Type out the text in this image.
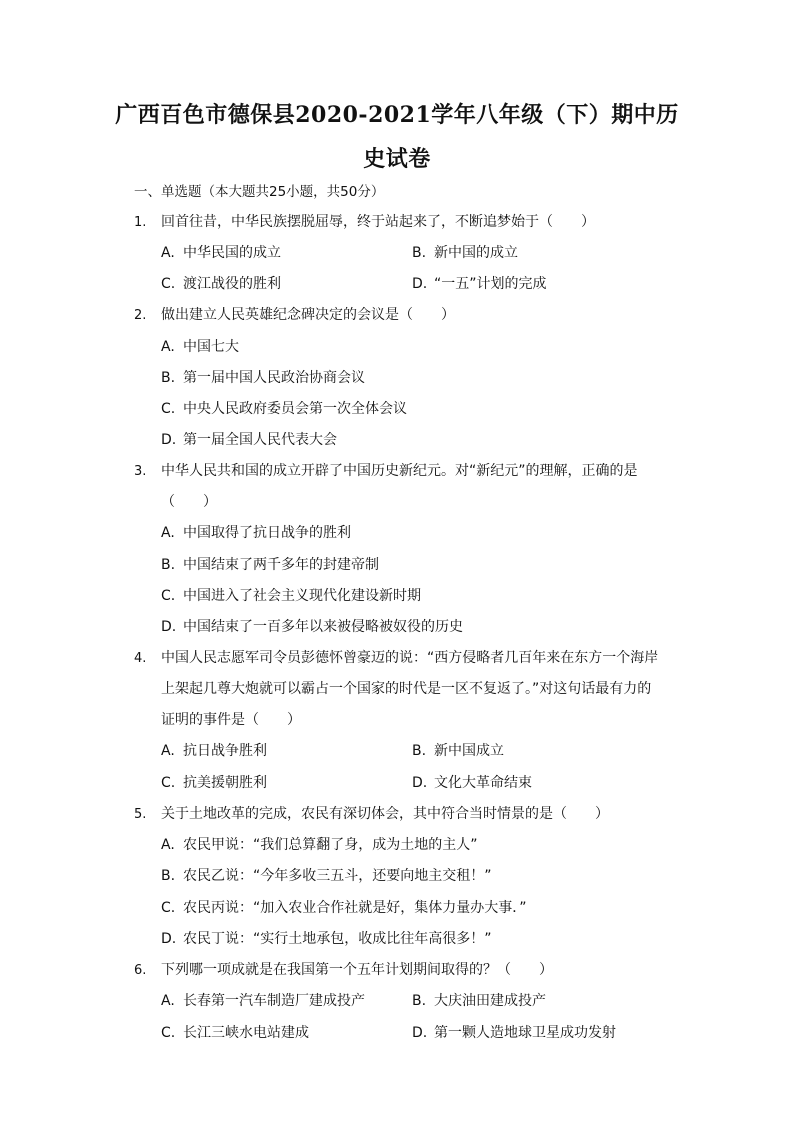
广西百色市德保县2020-2021学年八年级（下）期中历
史试卷
一、单选题（本大题共25小题，共50分）
1. 回首往昔，中华民族摆脱屈辱，终于站起来了，不断追梦始于（　　）
A. 中华民国的成立	B. 新中国的成立
C. 渡江战役的胜利	D. “一五”计划的完成
2. 做出建立人民英雄纪念碑决定的会议是（　　）
A. 中国七大
B. 第一届中国人民政治协商会议
C. 中央人民政府委员会第一次全体会议
D. 第一届全国人民代表大会
3. 中华人民共和国的成立开辟了中国历史新纪元。对“新纪元”的理解，正确的是
（　　）
A. 中国取得了抗日战争的胜利
B. 中国结束了两千多年的封建帝制
C. 中国进入了社会主义现代化建设新时期
D. 中国结束了一百多年以来被侵略被奴役的历史
4. 中国人民志愿军司令员彭德怀曾豪迈的说：“西方侵略者几百年来在东方一个海岸
上架起几尊大炮就可以霸占一个国家的时代是一区不复返了。”对这句话最有力的
证明的事件是（　　）
A. 抗日战争胜利	B. 新中国成立
C. 抗美援朝胜利	D. 文化大革命结束
5. 关于土地改革的完成，农民有深切体会，其中符合当时情景的是（　　）
A. 农民甲说：“我们总算翻了身，成为土地的主人”
B. 农民乙说：“今年多收三五斗，还要向地主交租！”
C. 农民丙说：“加入农业合作社就是好，集体力量办大事．”
D. 农民丁说：“实行土地承包，收成比往年高很多！”
6. 下列哪一项成就是在我国第一个五年计划期间取得的？（　　）
A. 长春第一汽车制造厂建成投产	B. 大庆油田建成投产
C. 长江三峡水电站建成	D. 第一颗人造地球卫星成功发射
